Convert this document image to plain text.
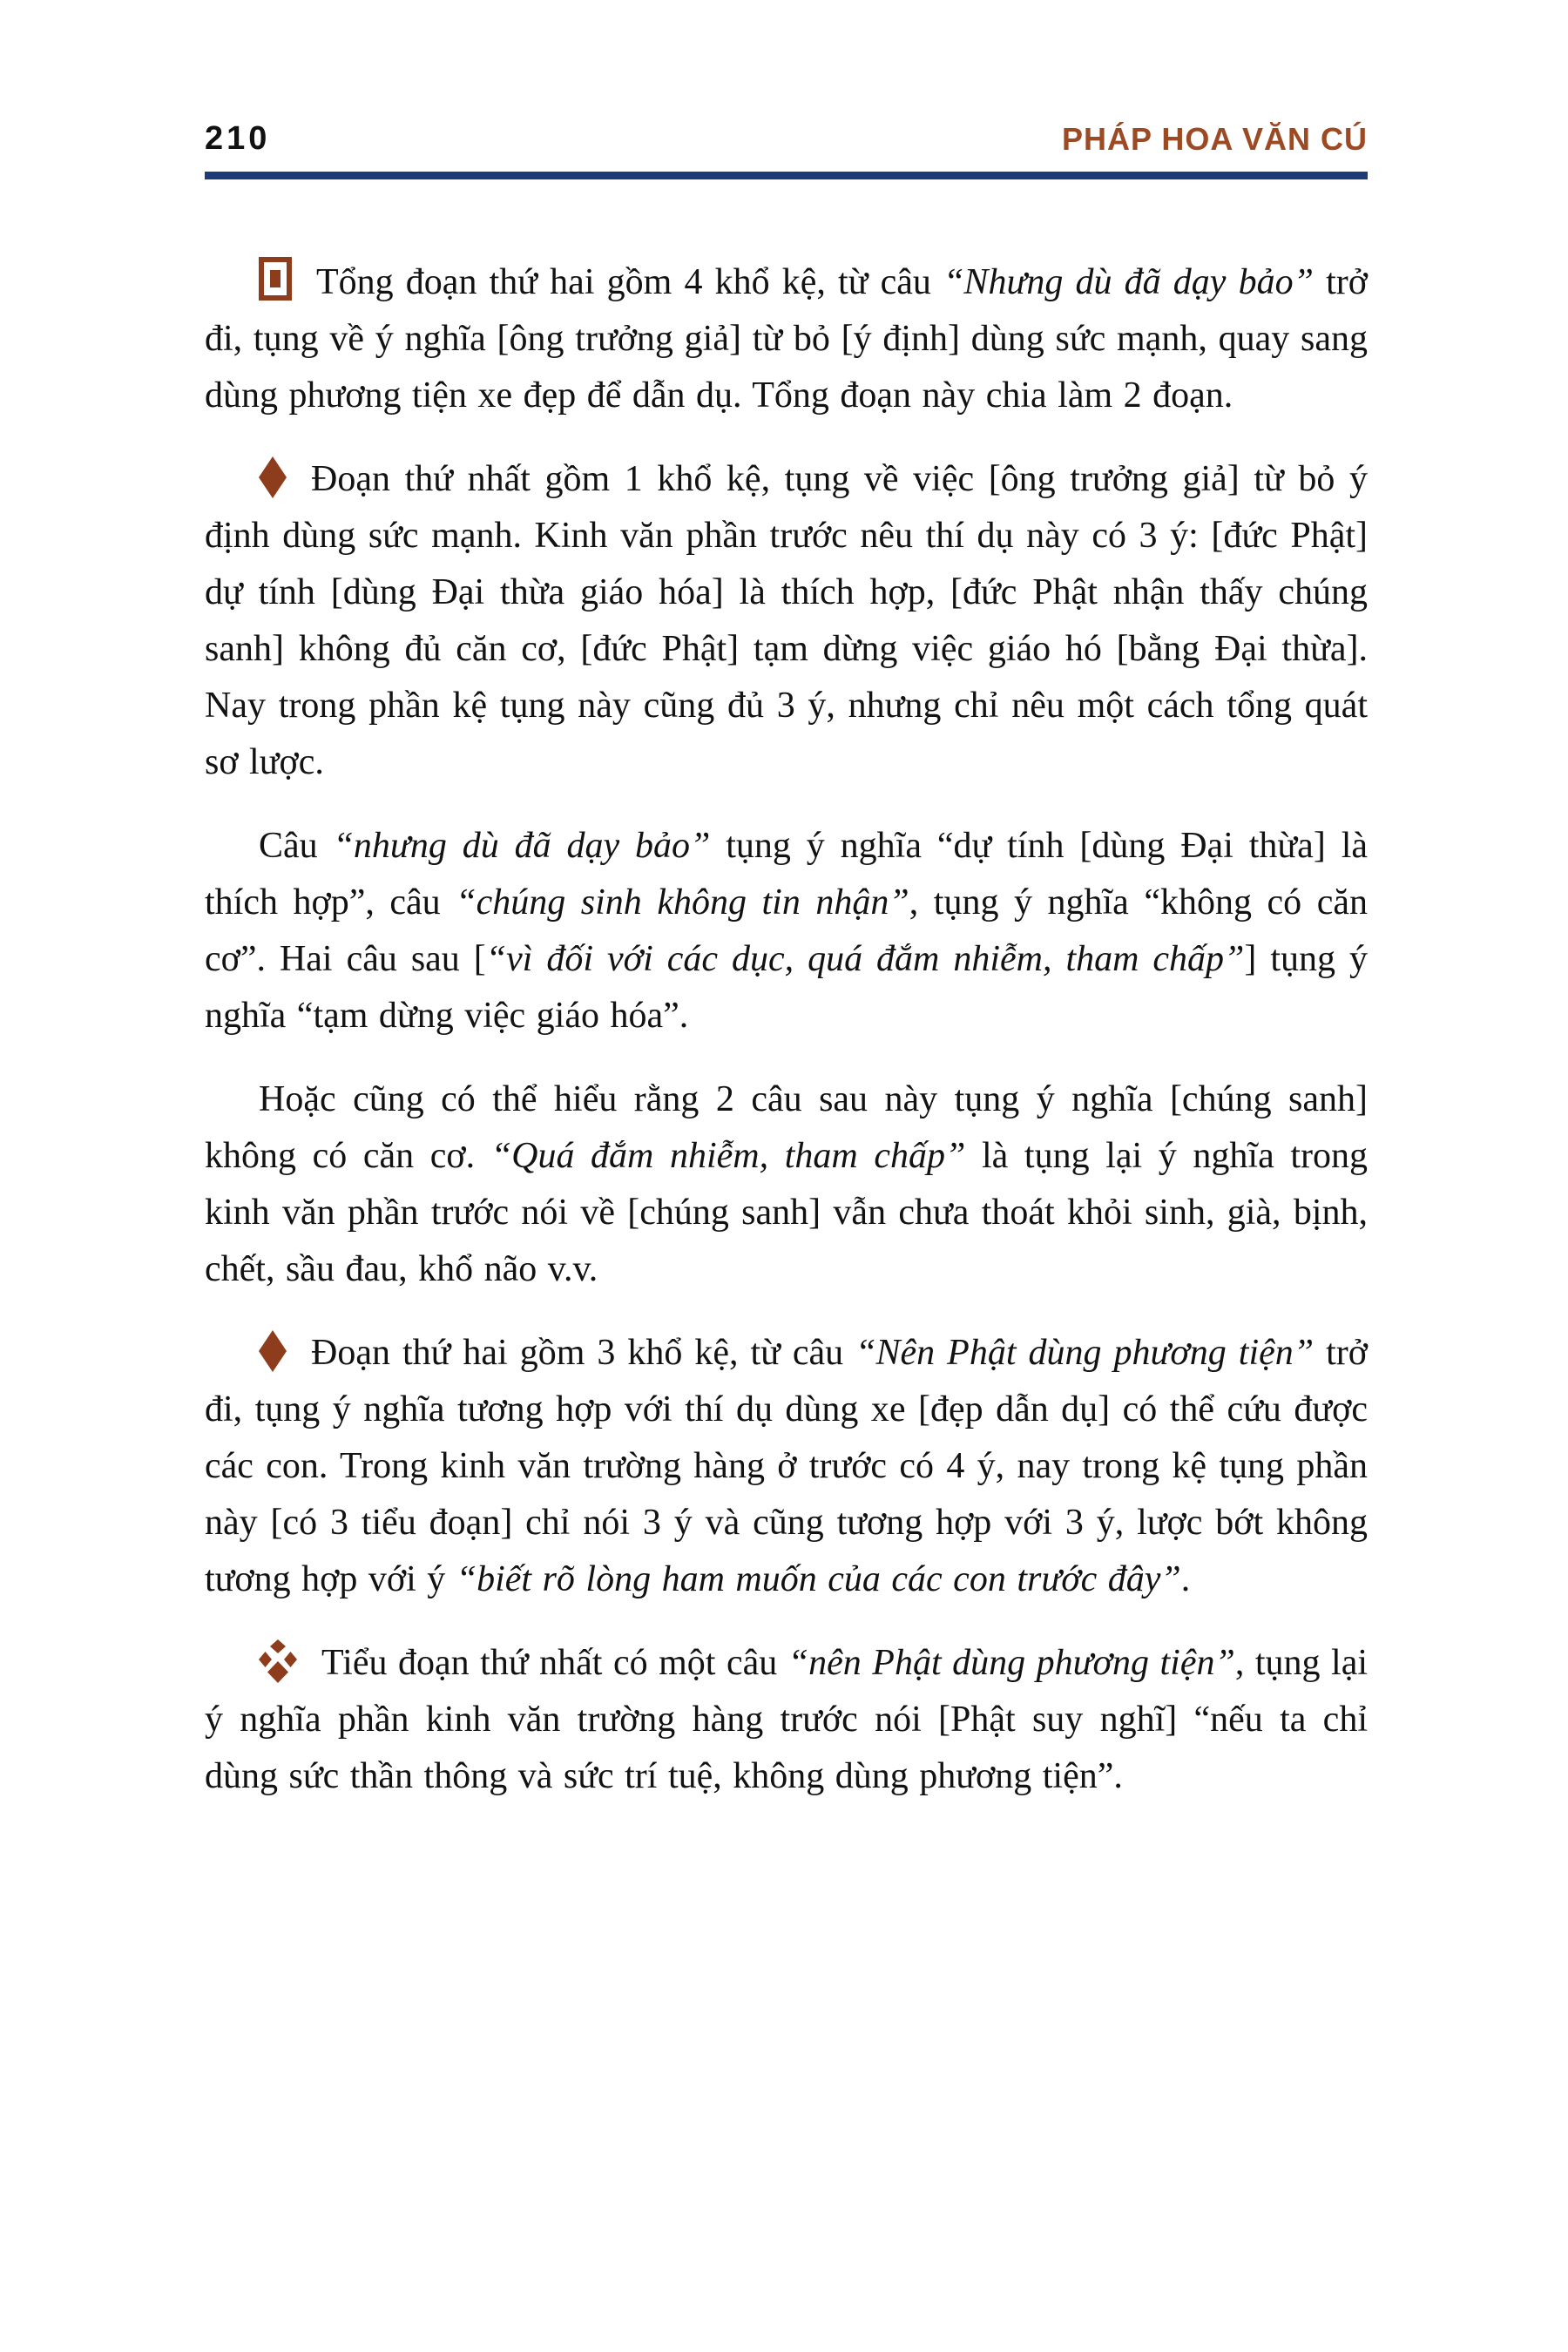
210	PHÁP HOA VĂN CÚ

Tổng đoạn thứ hai gồm 4 khổ kệ, từ câu “Nhưng dù đã dạy bảo” trở đi, tụng về ý nghĩa [ông trưởng giả] từ bỏ [ý định] dùng sức mạnh, quay sang dùng phương tiện xe đẹp để dẫn dụ. Tổng đoạn này chia làm 2 đoạn.

Đoạn thứ nhất gồm 1 khổ kệ, tụng về việc [ông trưởng giả] từ bỏ ý định dùng sức mạnh. Kinh văn phần trước nêu thí dụ này có 3 ý: [đức Phật] dự tính [dùng Đại thừa giáo hóa] là thích hợp, [đức Phật nhận thấy chúng sanh] không đủ căn cơ, [đức Phật] tạm dừng việc giáo hó [bằng Đại thừa]. Nay trong phần kệ tụng này cũng đủ 3 ý, nhưng chỉ nêu một cách tổng quát sơ lược.

Câu “nhưng dù đã dạy bảo” tụng ý nghĩa “dự tính [dùng Đại thừa] là thích hợp”, câu “chúng sinh không tin nhận”, tụng ý nghĩa “không có căn cơ”. Hai câu sau [“vì đối với các dục, quá đắm nhiễm, tham chấp”] tụng ý nghĩa “tạm dừng việc giáo hóa”.

Hoặc cũng có thể hiểu rằng 2 câu sau này tụng ý nghĩa [chúng sanh] không có căn cơ. “Quá đắm nhiễm, tham chấp” là tụng lại ý nghĩa trong kinh văn phần trước nói về [chúng sanh] vẫn chưa thoát khỏi sinh, già, bịnh, chết, sầu đau, khổ não v.v.

Đoạn thứ hai gồm 3 khổ kệ, từ câu “Nên Phật dùng phương tiện” trở đi, tụng ý nghĩa tương hợp với thí dụ dùng xe [đẹp dẫn dụ] có thể cứu được các con. Trong kinh văn trường hàng ở trước có 4 ý, nay trong kệ tụng phần này [có 3 tiểu đoạn] chỉ nói 3 ý và cũng tương hợp với 3 ý, lược bớt không tương hợp với ý “biết rõ lòng ham muốn của các con trước đây”.

Tiểu đoạn thứ nhất có một câu “nên Phật dùng phương tiện”, tụng lại ý nghĩa phần kinh văn trường hàng trước nói [Phật suy nghĩ] “nếu ta chỉ dùng sức thần thông và sức trí tuệ, không dùng phương tiện”.
